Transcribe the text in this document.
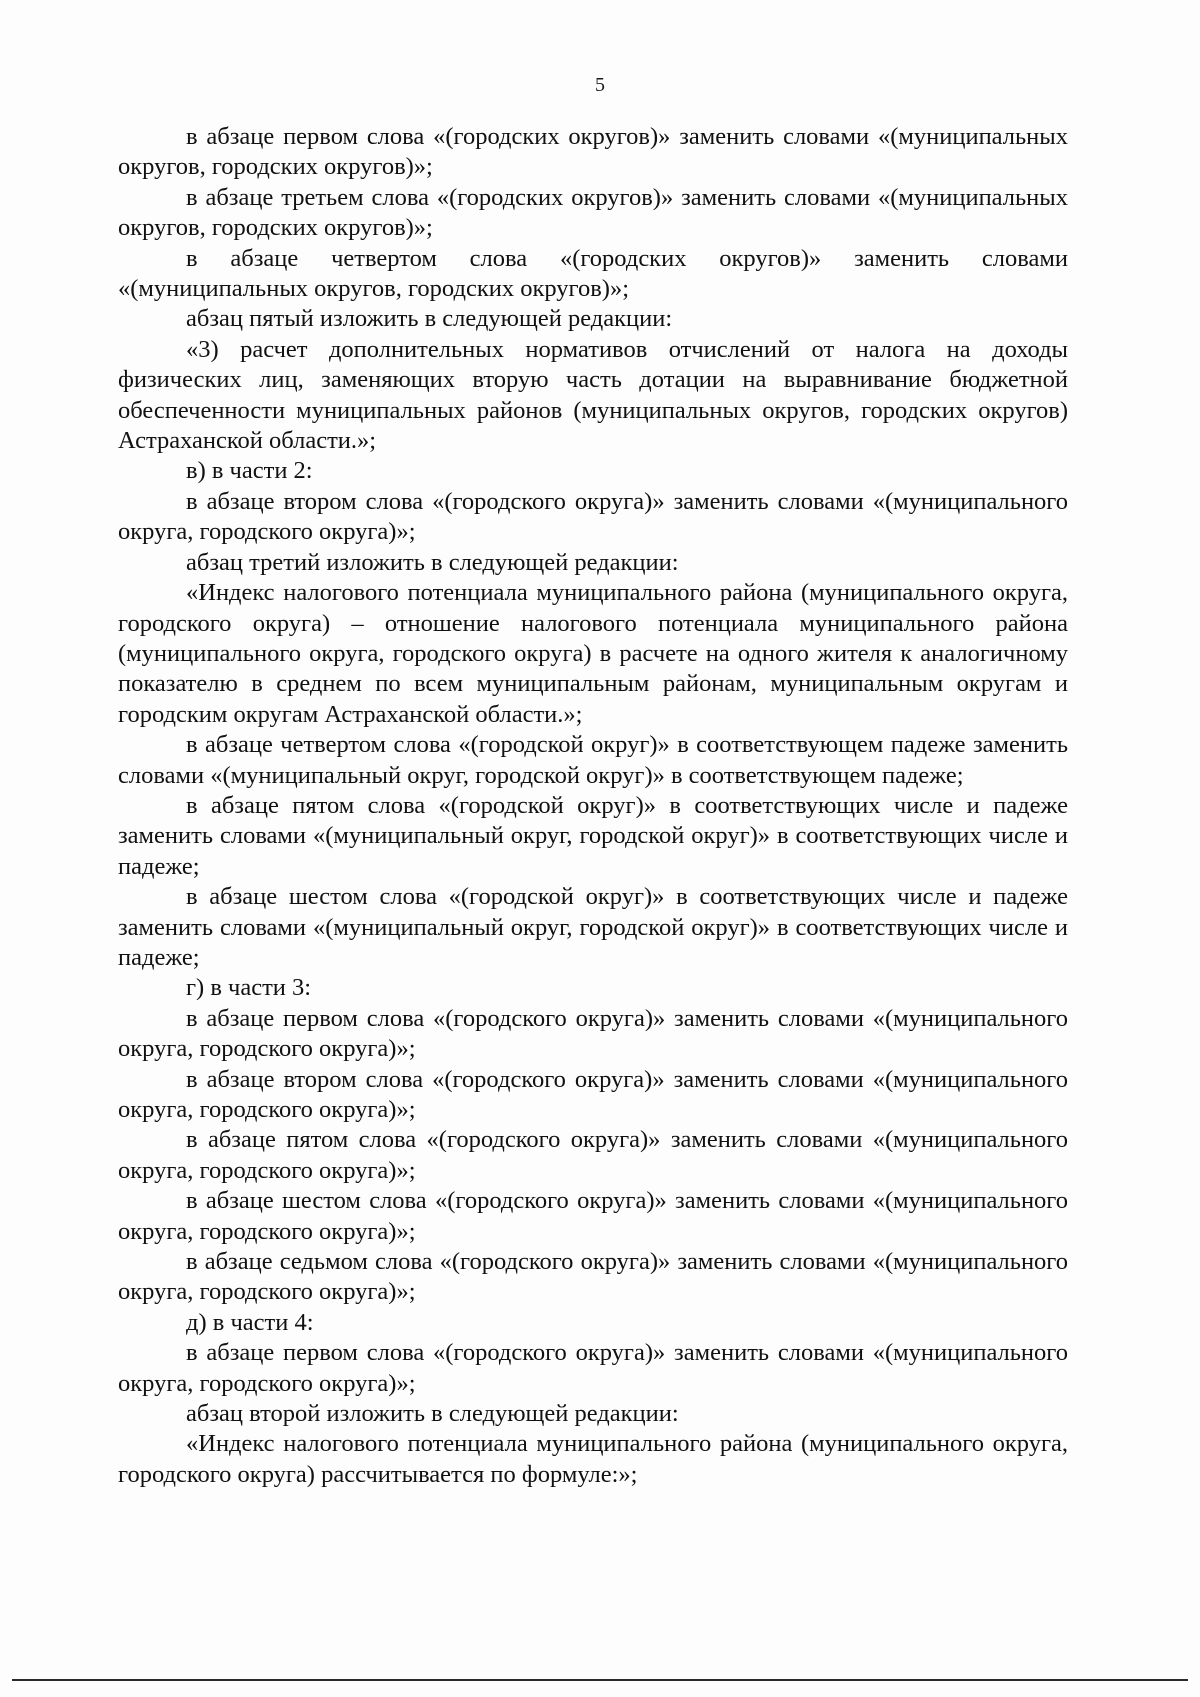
5

в абзаце первом слова «(городских округов)» заменить словами «(муниципальных округов, городских округов)»;

в абзаце третьем слова «(городских округов)» заменить словами «(муниципальных округов, городских округов)»;

в абзаце четвертом слова «(городских округов)» заменить словами «(муниципальных округов, городских округов)»;

абзац пятый изложить в следующей редакции:

«3) расчет дополнительных нормативов отчислений от налога на доходы физических лиц, заменяющих вторую часть дотации на выравнивание бюджетной обеспеченности муниципальных районов (муниципальных округов, городских округов) Астраханской области.»;

в) в части 2:

в абзаце втором слова «(городского округа)» заменить словами «(муниципального округа, городского округа)»;

абзац третий изложить в следующей редакции:

«Индекс налогового потенциала муниципального района (муниципального округа, городского округа) – отношение налогового потенциала муниципального района (муниципального округа, городского округа) в расчете на одного жителя к аналогичному показателю в среднем по всем муниципальным районам, муниципальным округам и городским округам Астраханской области.»;

в абзаце четвертом слова «(городской округ)» в соответствующем падеже заменить словами «(муниципальный округ, городской округ)» в соответствующем падеже;

в абзаце пятом слова «(городской округ)» в соответствующих числе и падеже заменить словами «(муниципальный округ, городской округ)» в соответствующих числе и падеже;

в абзаце шестом слова «(городской округ)» в соответствующих числе и падеже заменить словами «(муниципальный округ, городской округ)» в соответствующих числе и падеже;

г) в части 3:

в абзаце первом слова «(городского округа)» заменить словами «(муниципального округа, городского округа)»;

в абзаце втором слова «(городского округа)» заменить словами «(муниципального округа, городского округа)»;

в абзаце пятом слова «(городского округа)» заменить словами «(муниципального округа, городского округа)»;

в абзаце шестом слова «(городского округа)» заменить словами «(муниципального округа, городского округа)»;

в абзаце седьмом слова «(городского округа)» заменить словами «(муниципального округа, городского округа)»;

д) в части 4:

в абзаце первом слова «(городского округа)» заменить словами «(муниципального округа, городского округа)»;

абзац второй изложить в следующей редакции:

«Индекс налогового потенциала муниципального района (муниципального округа, городского округа) рассчитывается по формуле:»;
